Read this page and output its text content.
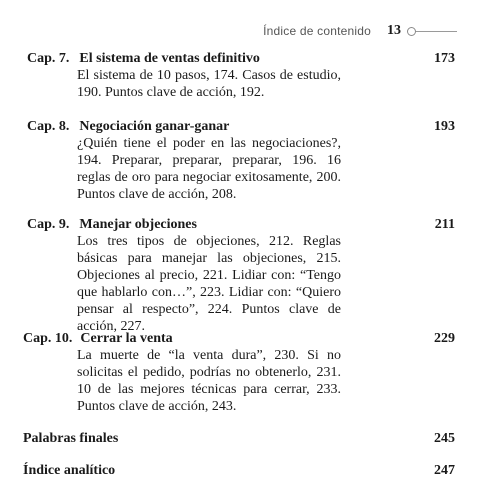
Índice de contenido 13
Cap. 7. El sistema de ventas definitivo	173
El sistema de 10 pasos, 174. Casos de estudio, 190. Puntos clave de acción, 192.
Cap. 8. Negociación ganar-ganar	193
¿Quién tiene el poder en las negociaciones?, 194. Preparar, preparar, preparar, 196. 16 reglas de oro para negociar exitosamente, 200. Puntos clave de acción, 208.
Cap. 9. Manejar objeciones	211
Los tres tipos de objeciones, 212. Reglas básicas para manejar las objeciones, 215. Objeciones al precio, 221. Lidiar con: “Tengo que hablarlo con…”, 223. Lidiar con: “Quiero pensar al respecto”, 224. Puntos clave de acción, 227.
Cap. 10. Cerrar la venta	229
La muerte de “la venta dura”, 230. Si no solicitas el pedido, podrías no obtenerlo, 231. 10 de las mejores técnicas para cerrar, 233. Puntos clave de acción, 243.
Palabras finales	245
Índice analítico	247
